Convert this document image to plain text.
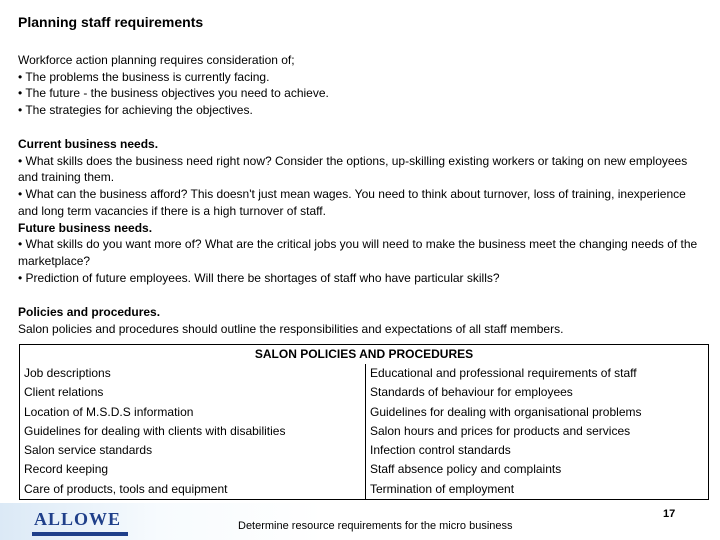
Planning staff requirements

Workforce action planning requires consideration of;

• The problems the business is currently facing.

• The future - the business objectives you need to achieve.

• The strategies for achieving the objectives.

Current business needs.

• What skills does the business need right now? Consider the options, up-skilling existing workers or taking on new employees and training them.

• What can the business afford? This doesn't just mean wages. You need to think about turnover, loss of training, inexperience and long term vacancies if there is a high turnover of staff.

Future business needs.

• What skills do you want more of? What are the critical jobs you will need to make the business meet the changing needs of the marketplace?

• Prediction of future employees. Will there be shortages of staff who have particular skills?

Policies and procedures.

Salon policies and procedures should outline the responsibilities and expectations of all staff members.

SALON POLICIES AND PROCEDURES	
Job descriptions	Educational and professional requirements of staff
Client relations	Standards of behaviour for employees
Location of M.S.D.S information	Guidelines for dealing with organisational problems
Guidelines for dealing with clients with disabilities	Salon hours and prices for products and services
Salon service standards	Infection control standards
Record keeping	Staff absence policy and complaints
Care of products, tools and equipment	Termination of employment
ALLOWE	Determine resource requirements for the micro business
17
